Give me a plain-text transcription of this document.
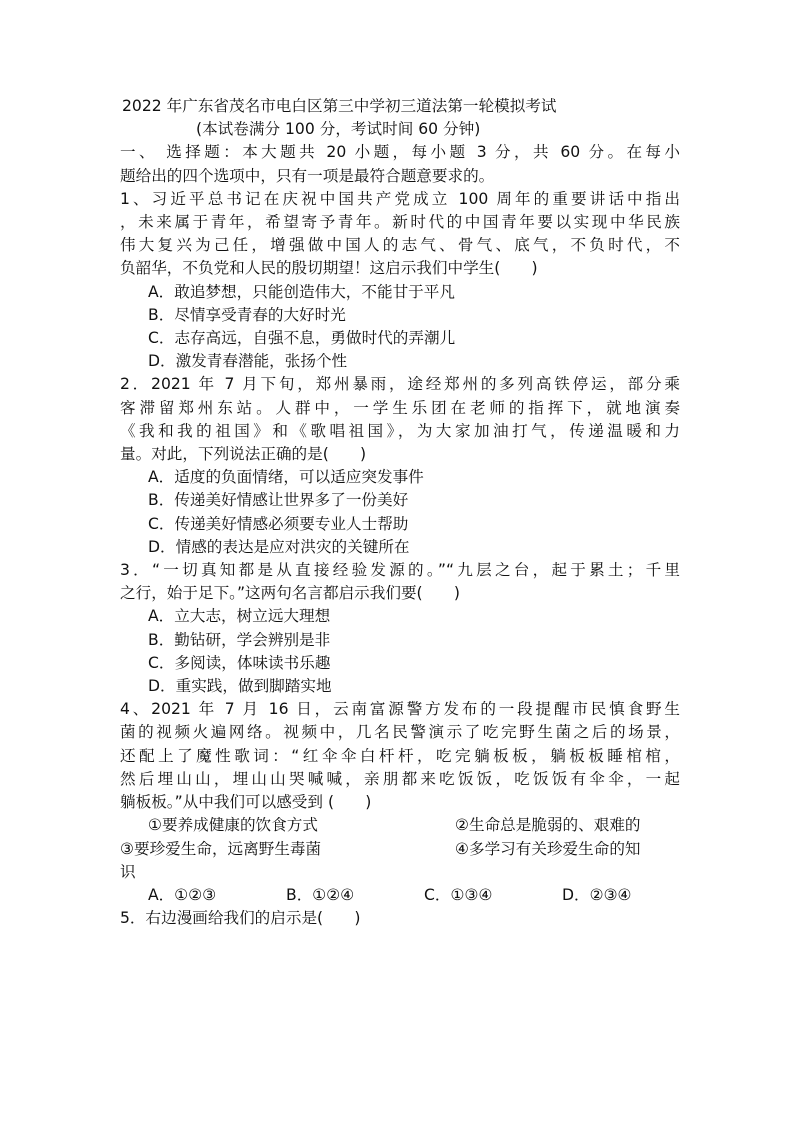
2022 年广东省茂名市电白区第三中学初三道法第一轮模拟考试
(本试卷满分 100 分，考试时间 60 分钟)
一、 选择题：本大题共 20 小题，每小题 3 分，共 60 分。在每小
题给出的四个选项中，只有一项是最符合题意要求的。
1、习近平总书记在庆祝中国共产党成立 100 周年的重要讲话中指出
，未来属于青年，希望寄予青年。新时代的中国青年要以实现中华民族
伟大复兴为己任，增强做中国人的志气、骨气、底气，不负时代，不
负韶华，不负党和人民的殷切期望！这启示我们中学生(　　)
A．敢追梦想，只能创造伟大，不能甘于平凡
B．尽情享受青春的大好时光
C．志存高远，自强不息，勇做时代的弄潮儿
D．激发青春潜能，张扬个性
2．2021 年 7 月下旬，郑州暴雨，途经郑州的多列高铁停运，部分乘
客滞留郑州东站。人群中，一学生乐团在老师的指挥下，就地演奏
《我和我的祖国》和《歌唱祖国》，为大家加油打气，传递温暖和力
量。对此，下列说法正确的是(　　)
A．适度的负面情绪，可以适应突发事件
B．传递美好情感让世界多了一份美好
C．传递美好情感必须要专业人士帮助
D．情感的表达是应对洪灾的关键所在
3．“一切真知都是从直接经验发源的。”“九层之台，起于累土；千里
之行，始于足下。”这两句名言都启示我们要(　　)
A．立大志，树立远大理想
B．勤钻研，学会辨别是非
C．多阅读，体味读书乐趣
D．重实践，做到脚踏实地
4、2021 年 7 月 16 日，云南富源警方发布的一段提醒市民慎食野生
菌的视频火遍网络。视频中，几名民警演示了吃完野生菌之后的场景，
还配上了魔性歌词：“红伞伞白杆杆，吃完躺板板，躺板板睡棺棺，
然后埋山山，埋山山哭喊喊，亲朋都来吃饭饭，吃饭饭有伞伞，一起
躺板板。”从中我们可以感受到 (　　)
①要养成健康的饮食方式	②生命总是脆弱的、艰难的
③要珍爱生命，远离野生毒菌	④多学习有关珍爱生命的知
识
A．①②③	B．①②④	C．①③④	D．②③④
5．右边漫画给我们的启示是(　　)
